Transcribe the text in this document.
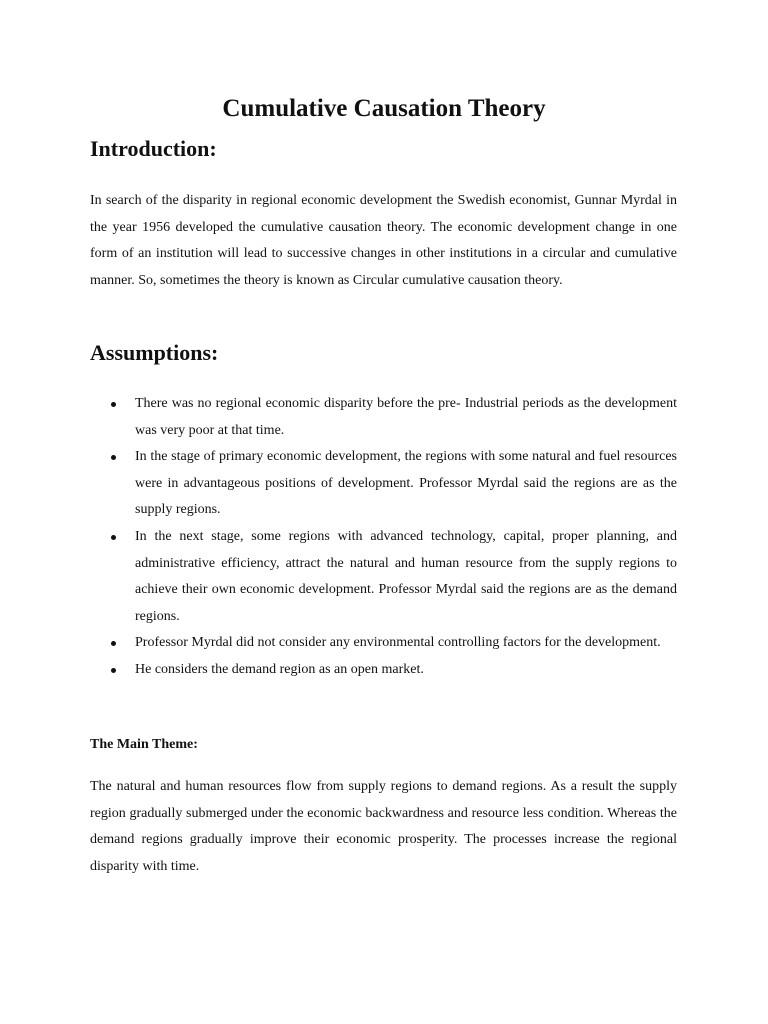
Cumulative Causation Theory
Introduction:

In search of the disparity in regional economic development the Swedish economist, Gunnar Myrdal in the year 1956 developed the cumulative causation theory. The economic development change in one form of an institution will lead to successive changes in other institutions in a circular and cumulative manner. So, sometimes the theory is known as Circular cumulative causation theory.

Assumptions:
There was no regional economic disparity before the pre- Industrial periods as the development was very poor at that time.
In the stage of primary economic development, the regions with some natural and fuel resources were in advantageous positions of development. Professor Myrdal said the regions are as the supply regions.
In the next stage, some regions with advanced technology, capital, proper planning, and administrative efficiency, attract the natural and human resource from the supply regions to achieve their own economic development. Professor Myrdal said the regions are as the demand regions.
Professor Myrdal did not consider any environmental controlling factors for the development.
He considers the demand region as an open market.
The Main Theme:

The natural and human resources flow from supply regions to demand regions. As a result the supply region gradually submerged under the economic backwardness and resource less condition. Whereas the demand regions gradually improve their economic prosperity. The processes increase the regional disparity with time.
